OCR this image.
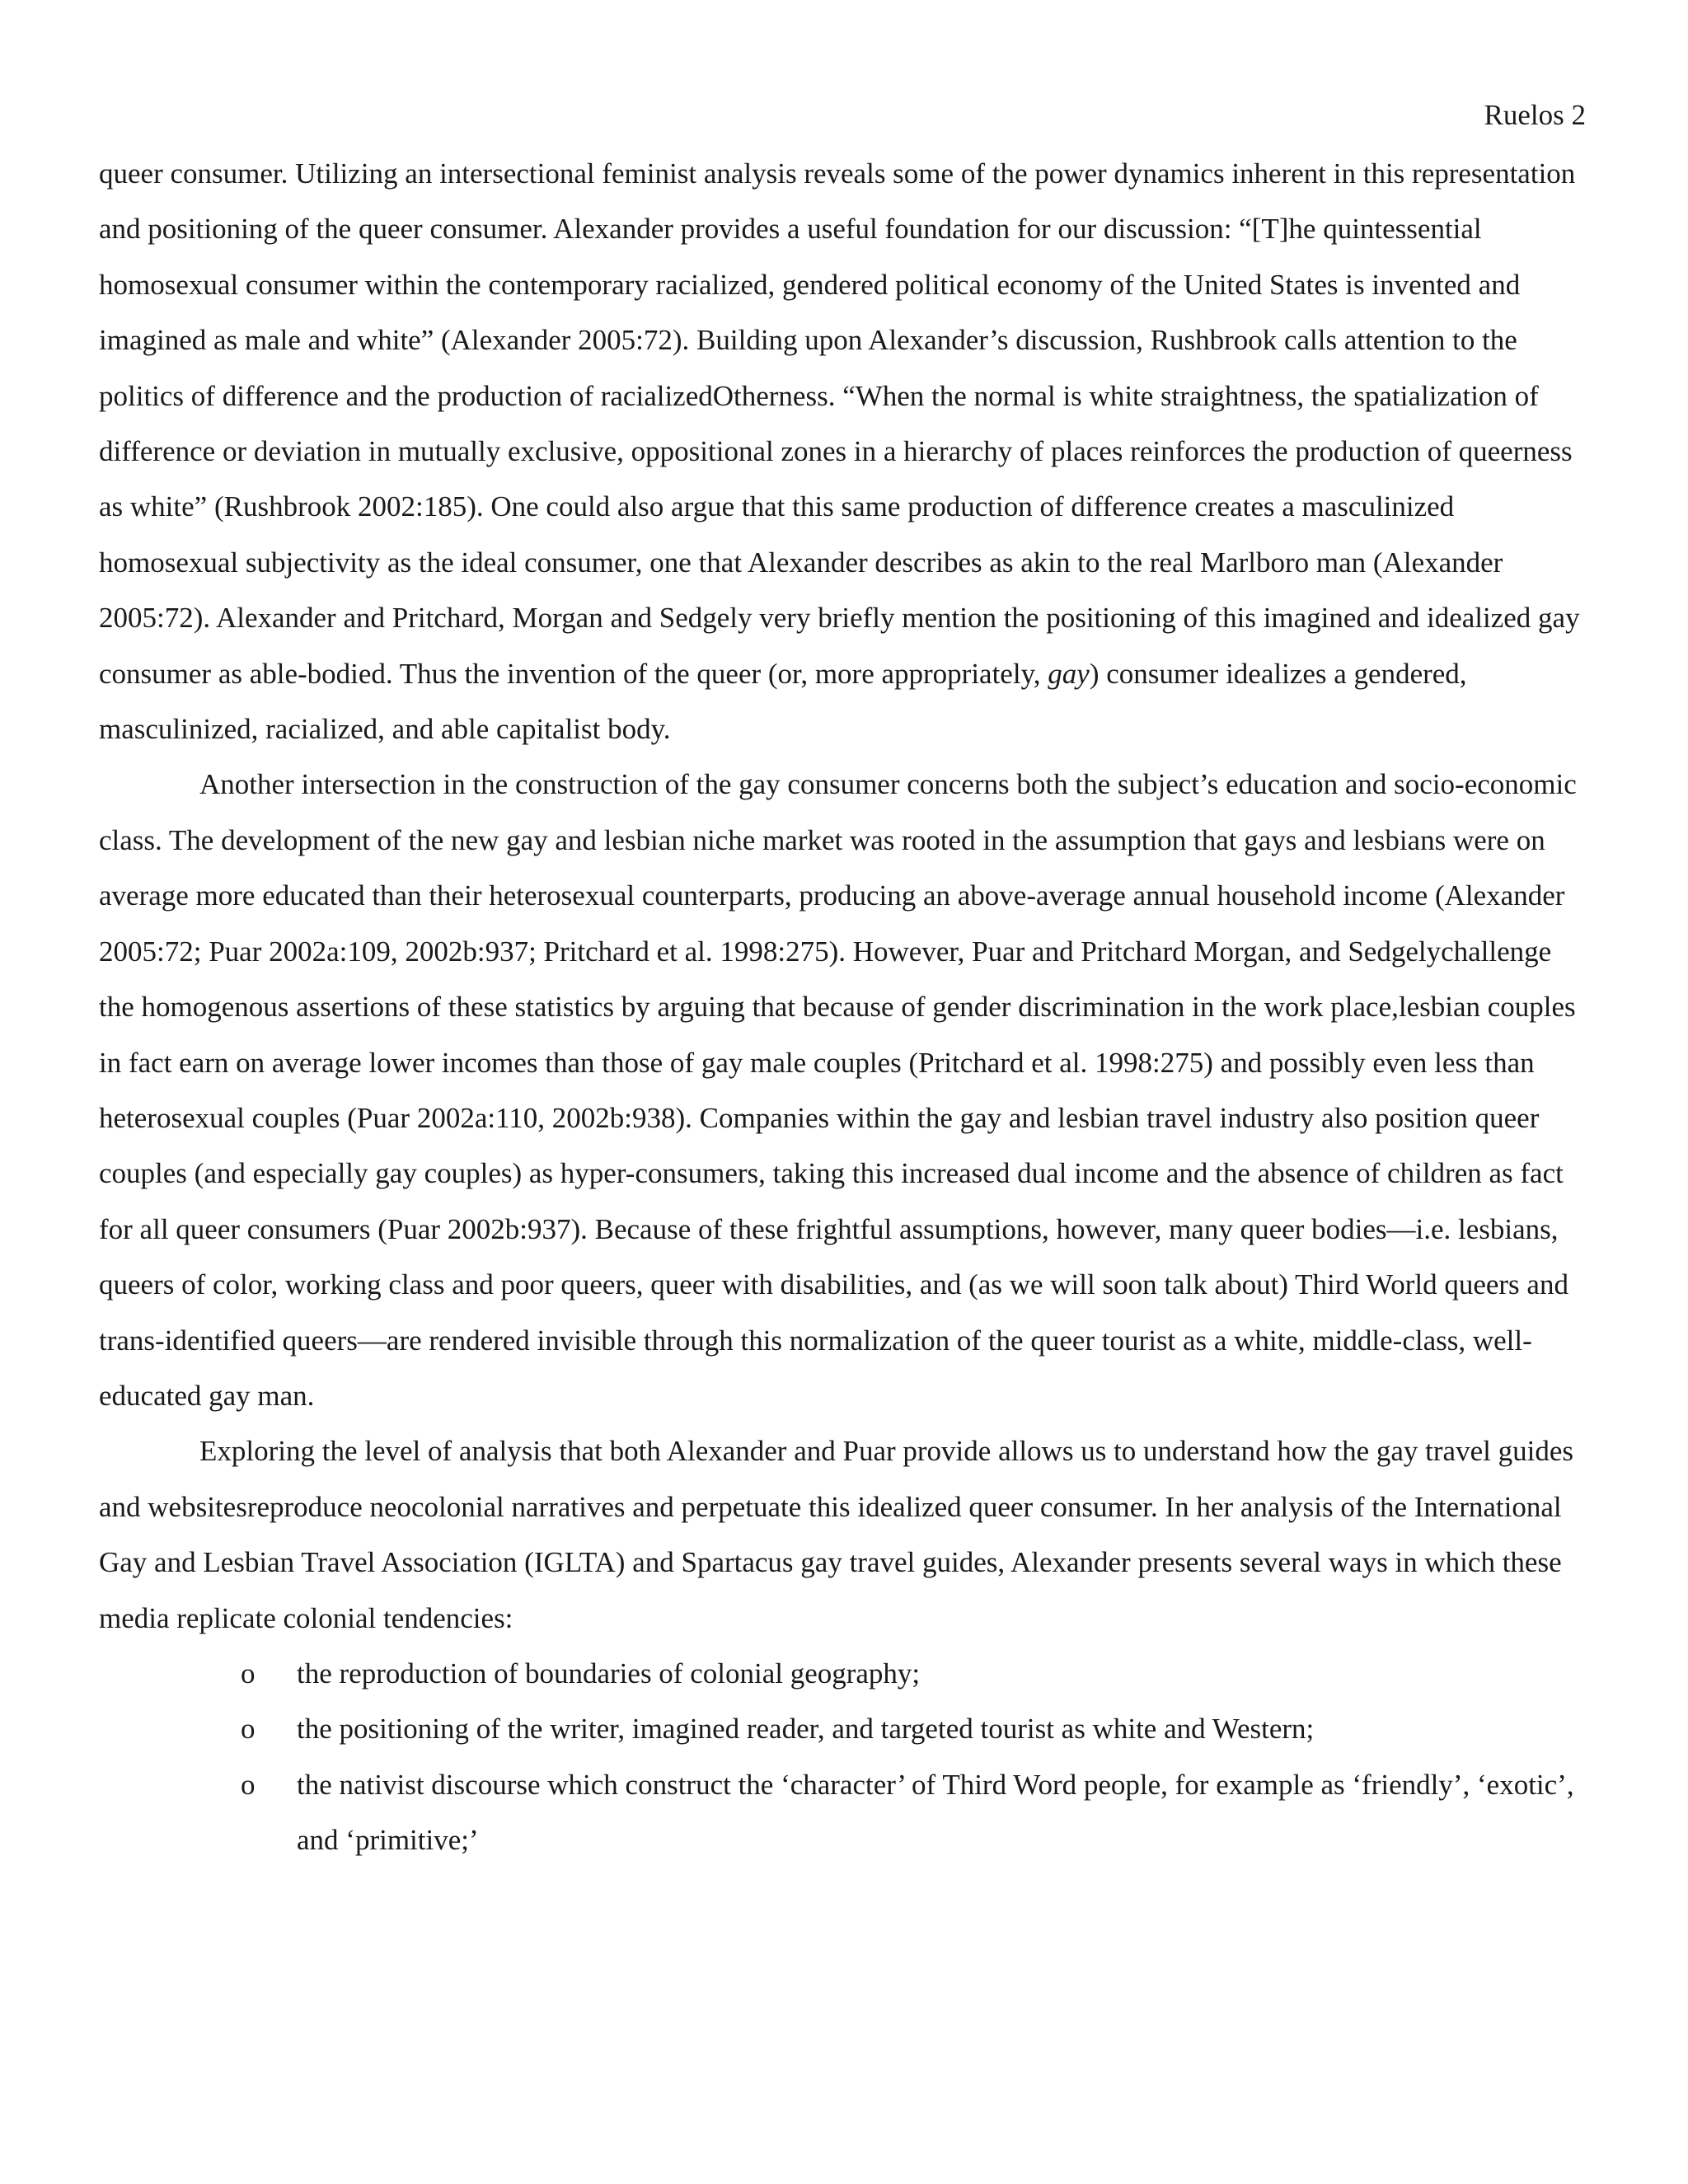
Ruelos 2

queer consumer. Utilizing an intersectional feminist analysis reveals some of the power dynamics inherent in this representation and positioning of the queer consumer. Alexander provides a useful foundation for our discussion: “[T]he quintessential homosexual consumer within the contemporary racialized, gendered political economy of the United States is invented and imagined as male and white” (Alexander 2005:72). Building upon Alexander’s discussion, Rushbrook calls attention to the politics of difference and the production of racializedOtherness. “When the normal is white straightness, the spatialization of difference or deviation in mutually exclusive, oppositional zones in a hierarchy of places reinforces the production of queerness as white” (Rushbrook 2002:185). One could also argue that this same production of difference creates a masculinized homosexual subjectivity as the ideal consumer, one that Alexander describes as akin to the real Marlboro man (Alexander 2005:72). Alexander and Pritchard, Morgan and Sedgely very briefly mention the positioning of this imagined and idealized gay consumer as able-bodied. Thus the invention of the queer (or, more appropriately, gay) consumer idealizes a gendered, masculinized, racialized, and able capitalist body.

Another intersection in the construction of the gay consumer concerns both the subject’s education and socio-economic class. The development of the new gay and lesbian niche market was rooted in the assumption that gays and lesbians were on average more educated than their heterosexual counterparts, producing an above-average annual household income (Alexander 2005:72; Puar 2002a:109, 2002b:937; Pritchard et al. 1998:275). However, Puar and Pritchard Morgan, and Sedgelychallenge the homogenous assertions of these statistics by arguing that because of gender discrimination in the work place,lesbian couples in fact earn on average lower incomes than those of gay male couples (Pritchard et al. 1998:275) and possibly even less than heterosexual couples (Puar 2002a:110, 2002b:938). Companies within the gay and lesbian travel industry also position queer couples (and especially gay couples) as hyper-consumers, taking this increased dual income and the absence of children as fact for all queer consumers (Puar 2002b:937). Because of these frightful assumptions, however, many queer bodies—i.e. lesbians, queers of color, working class and poor queers, queer with disabilities, and (as we will soon talk about) Third World queers and trans-identified queers—are rendered invisible through this normalization of the queer tourist as a white, middle-class, well-educated gay man.

Exploring the level of analysis that both Alexander and Puar provide allows us to understand how the gay travel guides and websitesreproduce neocolonial narratives and perpetuate this idealized queer consumer. In her analysis of the International Gay and Lesbian Travel Association (IGLTA) and Spartacus gay travel guides, Alexander presents several ways in which these media replicate colonial tendencies:

o the reproduction of boundaries of colonial geography;
o the positioning of the writer, imagined reader, and targeted tourist as white and Western;
o the nativist discourse which construct the ‘character’ of Third Word people, for example as ‘friendly’, ‘exotic’, and ‘primitive;’
